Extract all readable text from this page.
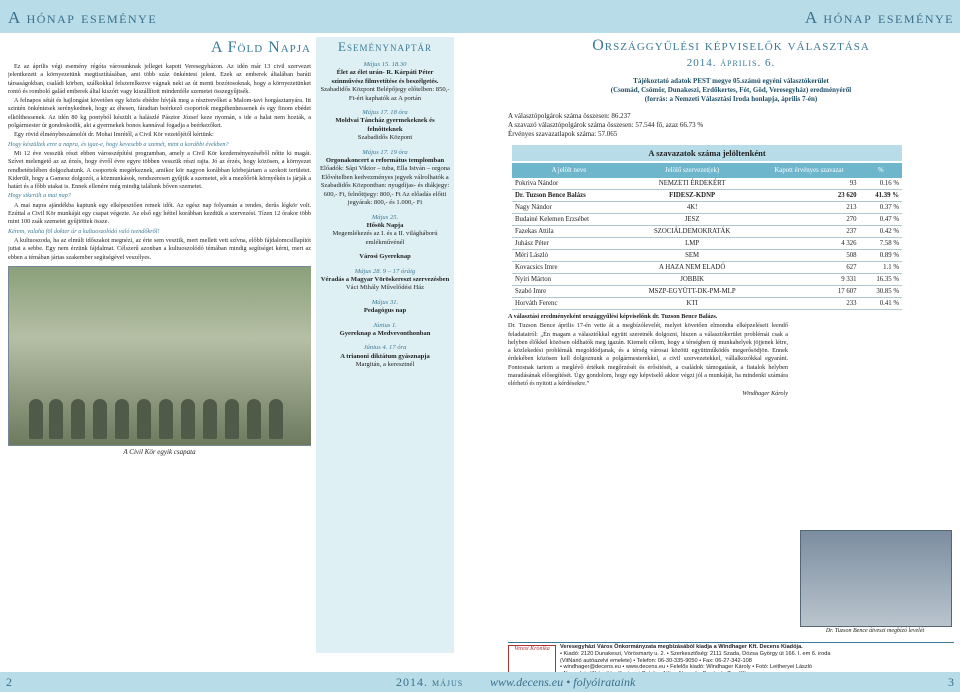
A hónap eseménye	A hónap eseménye
A Föld Napja

Ez az április végi esemény régóta városunknak jelleget kapott Veresegyházon. Az idén már 13 civil szervezet jelentkezett a környezetünk megtisztításában, ami több száz önkéntest jelent. Ezek az emberek általában baráti társaságokban, családi körben, szálkokkal felszerelkezve vágnak neki az út menti bozótosoknak, hogy a környezetünket rontó és romboló galád emberek által kiszórt vagy kiszállított mindenféle szemetet összegyűjtsék.

A felnapos sétát és hajlongást követően egy közös ebédre hívják meg a résztvevőket a Malom-tavi horgásztanyára. Itt szintén önkéntesek serénykednek, hogy az éhesen, fáradtan beérkező csoportok megpihenhessenek és egy finom ebédet elkölthessenek. Az idén 80 kg pontyból készült a halászlé Pásztor József keze nyomán, s ide a halat nem hozták, a polgármester úr gondoskodik, aki a gyermekek bonos kannával fogadja a beérkezőket.

Egy rövid élménybeszámolót dr. Mohai Imrétől, a Civil Kör vezetőjétől kértünk:

Hogy készültek erre a napra, és igaz-e, hogy kevesebb a szemét, mint a korábbi években?

Mi 12 éve vesszük részt ebben városszépítési programban, amely a Civil Kör kezdeményezéséből nőtte ki magát. Szívet melengető az az érzés, hogy évről évre egyre többen vesszük részt rajta. Jó az érzés, hogy közösen, a környezet rendbetételében dolgozhatunk. A csoportok megérkeznek, amikor kör nagyon korábban körbejártam a szokott területet. Kiderült, hogy a Gamesz dolgozói, a közmunkások, rendszeresen gyűjtik a szemetet, sőt a mezőőrök környékén is járják a határt és a főbb utakat is. Ennek ellenére még mindig találunk bőven szemetet.

Hogy sikerült a mai nap?

A mai napra ajándékba kaptunk egy elképesztően remek időt. Az egész nap folyamán a rendes, derűs légkör volt. Ezúttal a Civil Kör munkáját egy csapat végezte. Az első egy héttel korábban kezdtük a szervezést. Tízen 12 órakor több mint 100 zsák szemetet gyűjtöttek össze.

Kérem, valaha föl dokter úr a kultuoszolódó való teendőkről!

A kultuoszoda, ha az elmúlt időszakot megnézi, az érte sem vesztik, mert mellett vett szívna, előbb fájdalomcsillapítót juttat a sebbe. Egy nem érzünk fájdalmat. Célszerű azonban a kultuoszolódó témában mindig segítséget kérni, mert az ebben a témában jártas szakember segítségével veszélyes.

A Civil Kör egyik csapata

Eseménynaptár
Május 15. 18.30
Élet az élet urán- R. Kárpáti Péter színművész filmvetítése és beszélgetés.
Szabadidős Központ Belépőjegy előtelben: 850,- Ft-ért kaphatók az A portán
Május 17. 18 óra
Moldvai Táncház gyermekeknek és felnőtteknek
Szabadidős Központ
Május 17. 19 óra
Orgonakoncert a református templomban
Előadók: Sápi Viktor – tuba, Ella István – orgona Elővételben kedvezményes jegyek válrolhatók a Szabadidős Központban: nyugdíjas- és diákjegy: 600,- Ft, felnőttjegy: 800,- Ft Az előadás előtti jegyárak: 800,- és 1.000,- Ft
Május 25.
Hősök Napja
Megemlékezés az I. és a II. világháború emlékművénél
Városi Gyereknap
Május 28. 9 – 17 óráig
Véradás a Magyar Vöröskereszt szervezésben
Váci Mihály Művelődési Ház
Május 31.
Pedagógus nap
Június 1.
Gyereknap a Medvevonthonban
Június 4. 17 óra
A trianoni diktátum gyásznapja
Margitán, a keresztnél
Országgyűlési képviselők választása
2014. április. 6.
Tájékoztató adatok PEST megye 05.számú egyéni választókerület
(Csomád, Csömör, Dunakeszi, Erdőkertes, Fót, Göd, Veresegyház) eredményéről
(forrás: a Nemzeti Választási Iroda honlapja, április 7-én)
A választópolgárok száma összesen: 86.237
A szavazó választópolgárok száma összesen: 57.544 fő, azaz 66.73 %
Érvényes szavazatlapok száma: 57.065
A szavazatok száma jelöltenként
A jelölt neve	Jelölő szervezet(ek)	Kapott érvényes szavazat	%
Pokrivа Nándor	NEMZETI ÉRDEKÉRT	93	0.16 %
Dr. Tuzson Bence Balázs	FIDESZ-KDNP	23 620	41.39 %
Nagy Nándor	4K!	213	0.37 %
Budainé Kelemen Erzsébet	JESZ	270	0.47 %
Fazekas Attila	SZOCIÁLDEMOKRATÁK	237	0.42 %
Juhász Péter	LMP	4 326	7.58 %
Méri László	SEM	508	0.89 %
Kovacsics Imre	A HAZA NEM ELADÓ	627	1.1 %
Nyíri Márton	JOBBIK	9 331	16.35 %
Szabó Imre	MSZP-EGYÜTT-DK-PM-MLP	17 607	30.85 %
Horváth Ferenc	KTI	233	0.41 %

A választási eredményeként országgyűlési képviselőnk dr. Tuzson Bence Balázs.

Dr. Tuzson Bence április 17-én vette át a megbízólevelét, melyet követően elmondta elképzeléseit leendő feladatairól: „Én magam a választókkal együtt szeretnék dolgozni, hiszen a választókerület problémái csak a helyben élőkkel közösen oldhatók meg igazán. Kiemelt célom, hogy a térségben új munkahelyek jöjjenek létre, a közlekedési problémák megoldódjanak, és a térség városai közötti együttműködés megerősödjön. Ennek érdekében közösen kell dolgoznunk a polgármesterekkel, a civil szervezetekkel, vállalkozókkal egyaránt. Fontosnak tartom a meglévő értékek megőrzését és erősítését, a családok támogatását, a fiatalok helyben maradásának elősegítését. Úgy gondolom, hogy egy képviselő akkor végzi jól a munkáját, ha mindenki számára elérhető és nyitott a kérdésekre.”

Windhager Károly

Dr. Tuzson Bence átveszi megbízó levelét
Veresi Krónika	Veresegyházi Város Önkormányzata megbízásából kiadja a Windhager Kft. Decens Kiadója.
• Kiadó: 2120 Dunakeszi, Vörösmarty u. 2. • Szerkesztőség: 2111 Szada, Dózsa György út 166. I. em 6. iroda
(VitNarió autóazelvi emelete) • Telefon: 06-30-335-9050 • Fax: 06-27-342-108
• windhager@decens.eu • www.decens.eu • Felelős kiadó: Windhager Károly • Fotó: Leitheryei László
2	2014. május www.decens.eu • folyóirataink	3
